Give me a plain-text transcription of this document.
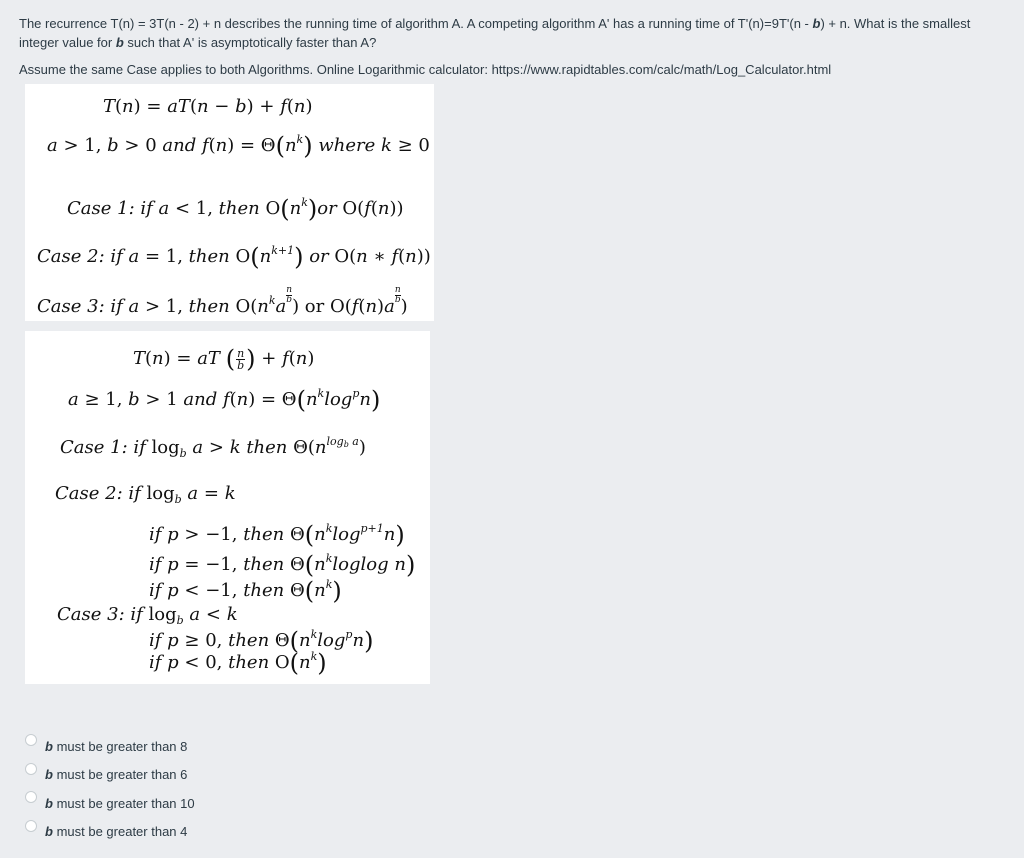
The recurrence T(n) = 3T(n - 2) + n describes the running time of algorithm A. A competing algorithm A' has a running time of T'(n)=9T'(n - b) + n. What is the smallest integer value for b such that A' is asymptotically faster than A?
Assume the same Case applies to both Algorithms. Online Logarithmic calculator: https://www.rapidtables.com/calc/math/Log_Calculator.html
T(n) = aT(n − b) + f(n)
a > 1, b > 0 and $f(n) = \Theta(n^k)$ where k ≥ 0
Case 1: if a < 1, then $O(n^k)or$ O(f(n))
Case 2: if a = 1, then $O(n^{k+1})$ or O(n ∗ f(n))
Case 3: if a > 1, then $O(n^ka$
$\frac{n}{b}$
) or O(f(n)a
$\frac{n}{b}$
)
T(n) = aT ( $\frac{n}{b}$ ) + f(n)
a ≥ 1, b > 1 and $f(n) = \Theta(n^k\log^pn)$
Case 1: if $\log_b a > k$ then $\Theta(n^{log_b a})$
Case 2: if $\log_b a = k$
if p > −1, then $\Theta(n^k\log^{p+1}n)$
if p = −1, then $\Theta(n^kloglog$ n)
if p < −1, then $\Theta(n^k)$
Case 3: if $\log_b a < k$
if p ≥ 0, then $\Theta(n^k\log^pn)$
if p < 0, then $O(n^k)$
b must be greater than 8
b must be greater than 6
b must be greater than 10
b must be greater than 4
